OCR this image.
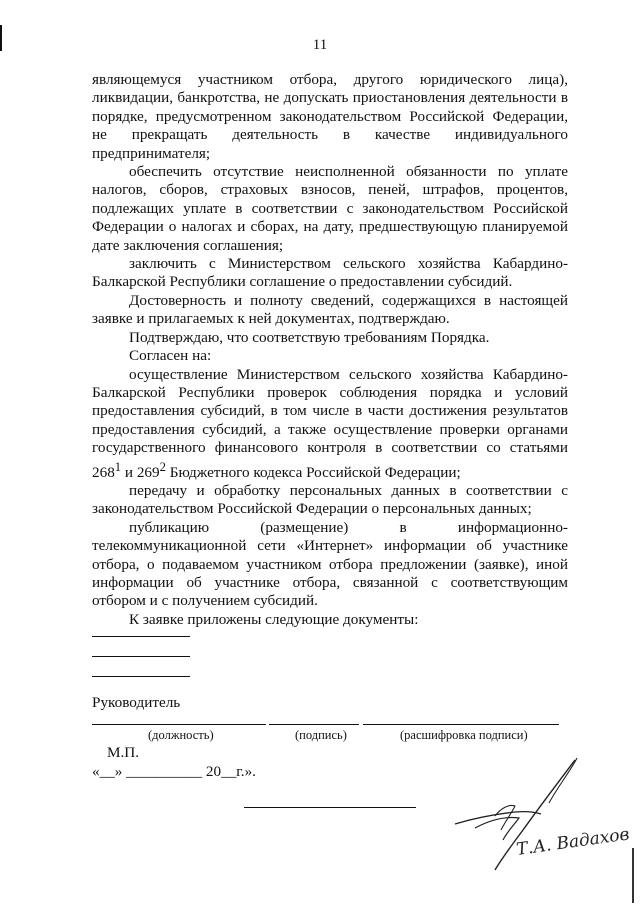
11

являющемуся участником отбора, другого юридического лица), ликвидации, банкротства, не допускать приостановления деятельности в порядке, предусмотренном законодательством Российской Федерации, не прекращать деятельность в качестве индивидуального предпринимателя;

обеспечить отсутствие неисполненной обязанности по уплате налогов, сборов, страховых взносов, пеней, штрафов, процентов, подлежащих уплате в соответствии с законодательством Российской Федерации о налогах и сборах, на дату, предшествующую планируемой дате заключения соглашения;

заключить с Министерством сельского хозяйства Кабардино-Балкарской Республики соглашение о предоставлении субсидий.

Достоверность и полноту сведений, содержащихся в настоящей заявке и прилагаемых к ней документах, подтверждаю.

Подтверждаю, что соответствую требованиям Порядка.

Согласен на:

осуществление Министерством сельского хозяйства Кабардино-Балкарской Республики проверок соблюдения порядка и условий предоставления субсидий, в том числе в части достижения результатов предоставления субсидий, а также осуществление проверки органами государственного финансового контроля в соответствии со статьями $268^1$ и $269^2$ Бюджетного кодекса Российской Федерации;

передачу и обработку персональных данных в соответствии с законодательством Российской Федерации о персональных данных;

публикацию (размещение) в информационно-телекоммуникационной сети «Интернет» информации об участнике отбора, о подаваемом участником отбора предложении (заявке), иной информации об участнике отбора, связанной с соответствующим отбором и с получением субсидий.

К заявке приложены следующие документы:

Руководитель
(должность)	(подпись)	(расшифровка подписи)
М.П.
«__» __________ 20__г.».
Т.А. Вадахов
